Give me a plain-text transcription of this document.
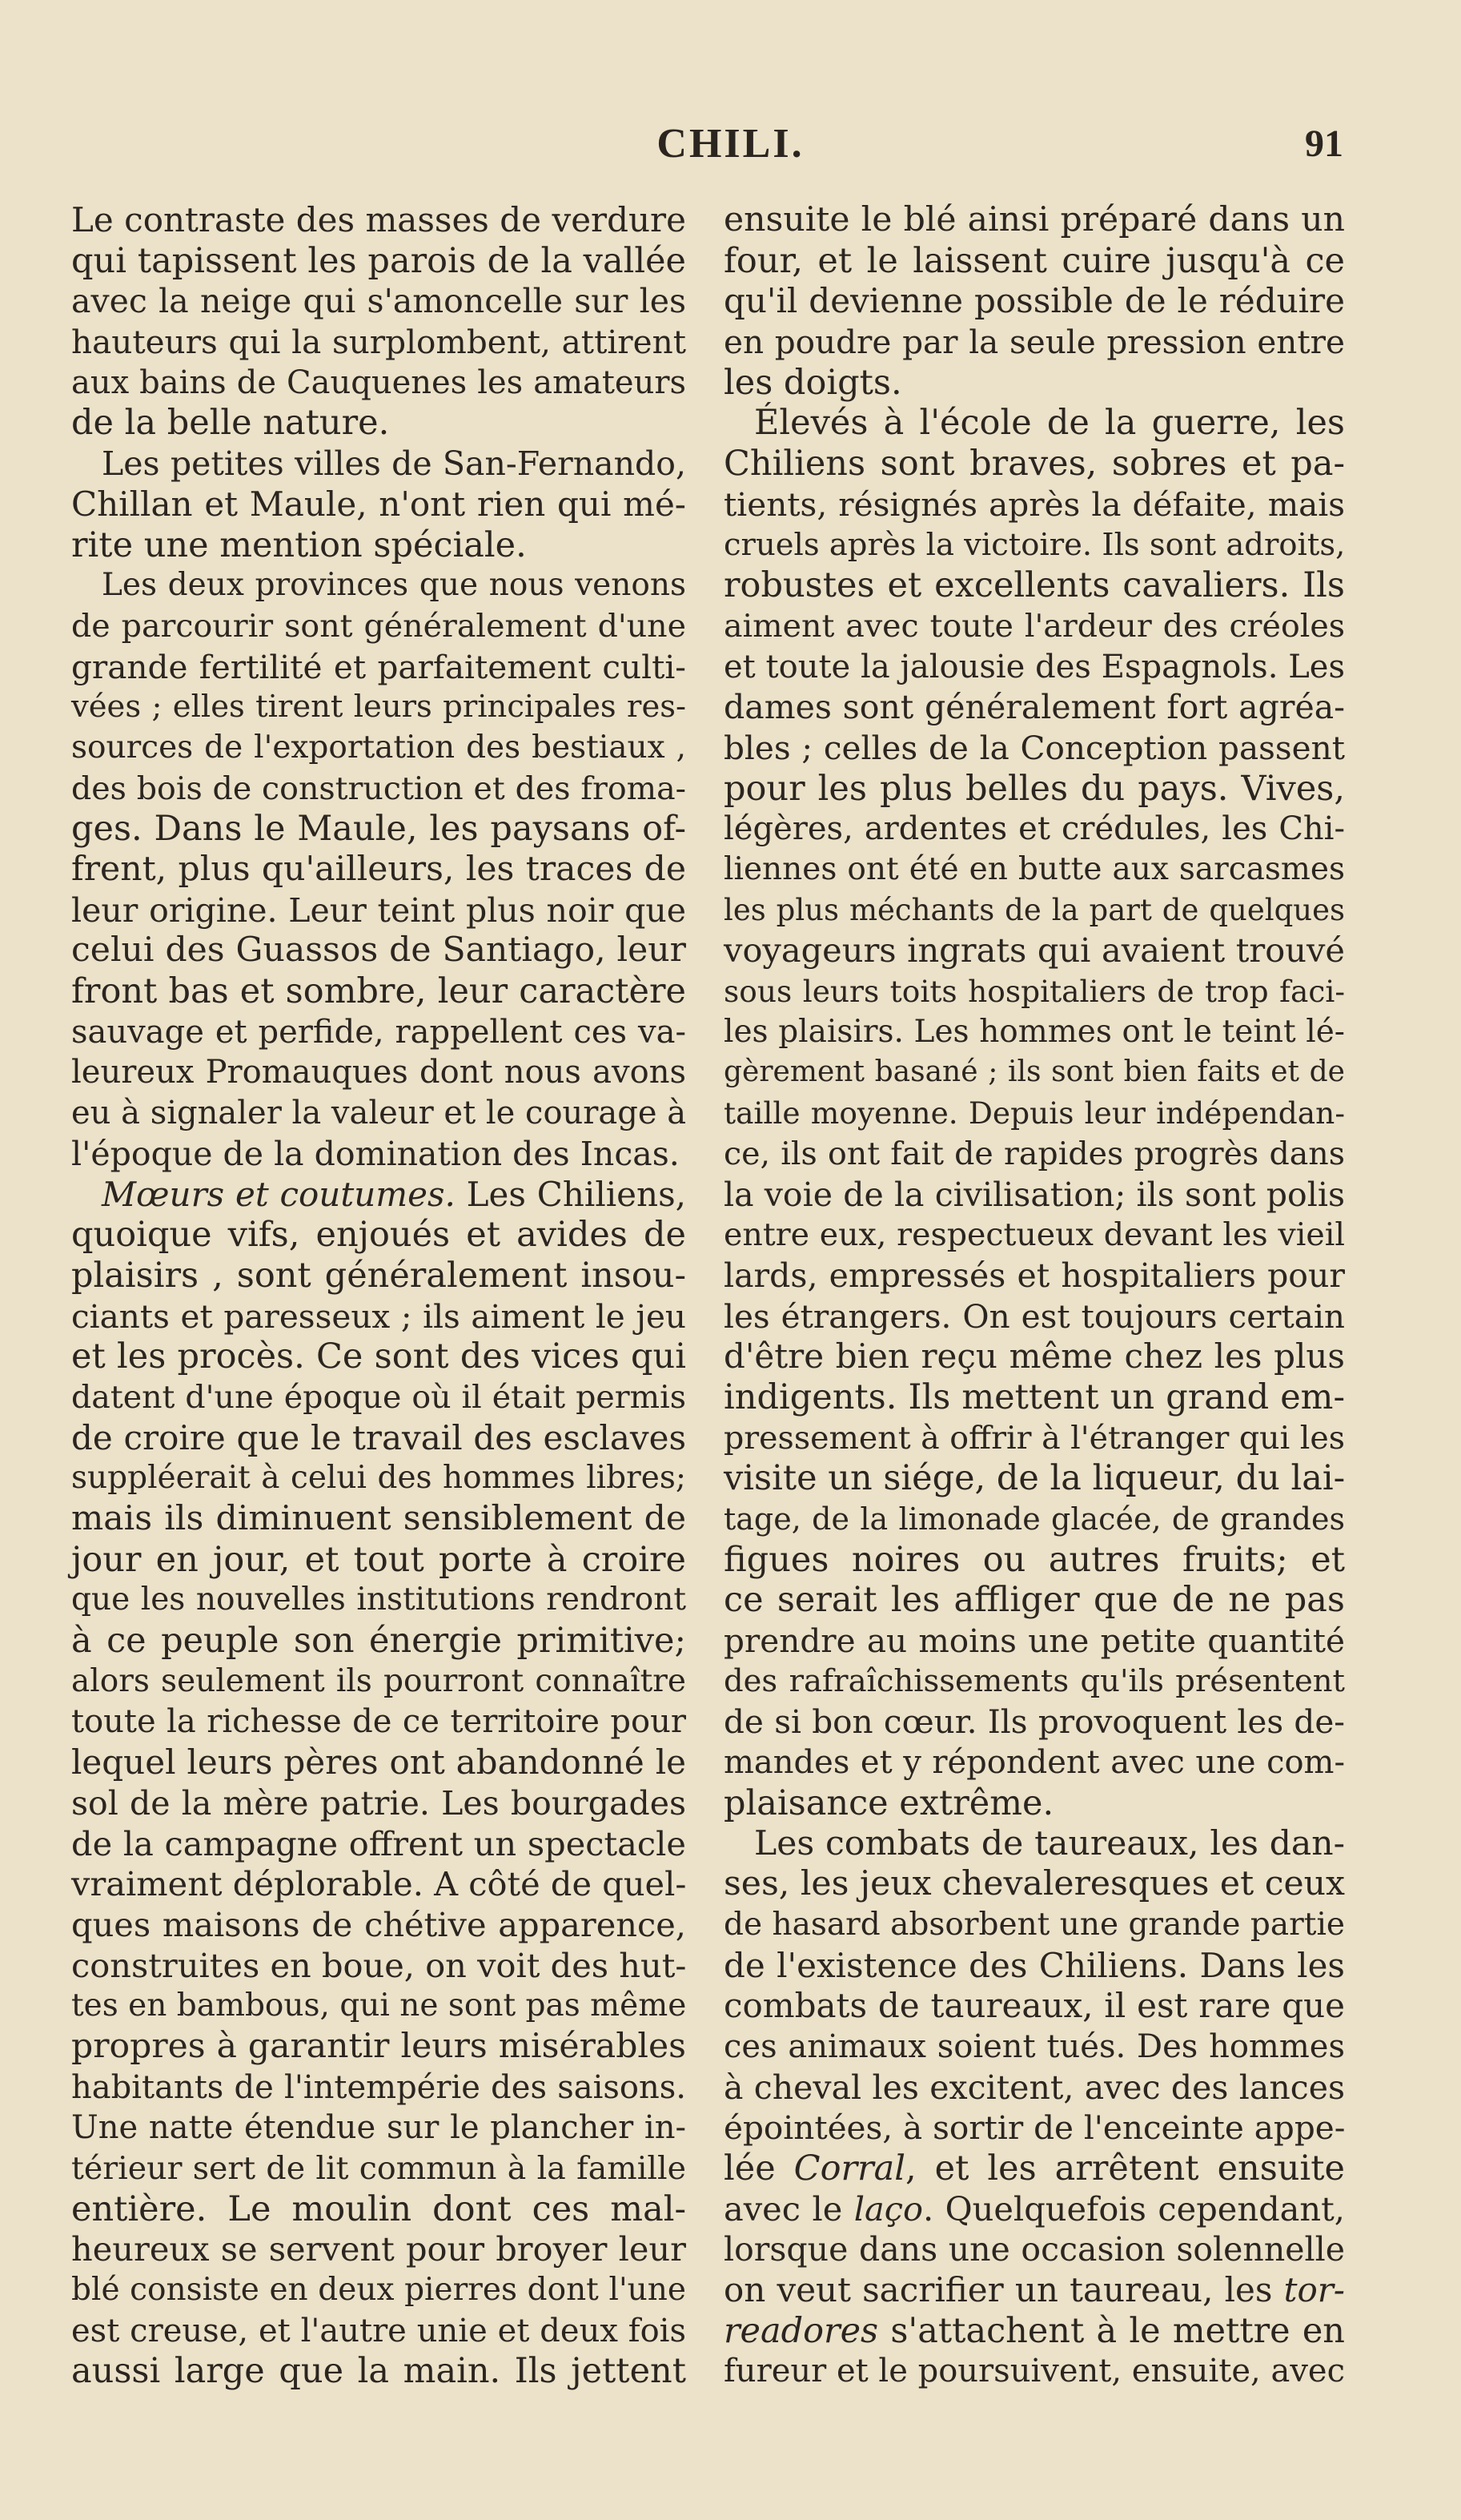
CHILI.	91
Le contraste des masses de verdure
qui tapissent les parois de la vallée
avec la neige qui s'amoncelle sur les
hauteurs qui la surplombent, attirent
aux bains de Cauquenes les amateurs
de la belle nature.
Les petites villes de San-Fernando,
Chillan et Maule, n'ont rien qui mé-
rite une mention spéciale.
Les deux provinces que nous venons
de parcourir sont généralement d'une
grande fertilité et parfaitement culti-
vées ; elles tirent leurs principales res-
sources de l'exportation des bestiaux ,
des bois de construction et des froma-
ges. Dans le Maule, les paysans of-
frent, plus qu'ailleurs, les traces de
leur origine. Leur teint plus noir que
celui des Guassos de Santiago, leur
front bas et sombre, leur caractère
sauvage et perfide, rappellent ces va-
leureux Promauques dont nous avons
eu à signaler la valeur et le courage à
l'époque de la domination des Incas.
Mœurs et coutumes. Les Chiliens,
quoique vifs, enjoués et avides de
plaisirs , sont généralement insou-
ciants et paresseux ; ils aiment le jeu
et les procès. Ce sont des vices qui
datent d'une époque où il était permis
de croire que le travail des esclaves
suppléerait à celui des hommes libres;
mais ils diminuent sensiblement de
jour en jour, et tout porte à croire
que les nouvelles institutions rendront
à ce peuple son énergie primitive;
alors seulement ils pourront connaître
toute la richesse de ce territoire pour
lequel leurs pères ont abandonné le
sol de la mère patrie. Les bourgades
de la campagne offrent un spectacle
vraiment déplorable. A côté de quel-
ques maisons de chétive apparence,
construites en boue, on voit des hut-
tes en bambous, qui ne sont pas même
propres à garantir leurs misérables
habitants de l'intempérie des saisons.
Une natte étendue sur le plancher in-
térieur sert de lit commun à la famille
entière. Le moulin dont ces mal-
heureux se servent pour broyer leur
blé consiste en deux pierres dont l'une
est creuse, et l'autre unie et deux fois
aussi large que la main. Ils jettent
ensuite le blé ainsi préparé dans un
four, et le laissent cuire jusqu'à ce
qu'il devienne possible de le réduire
en poudre par la seule pression entre
les doigts.
Élevés à l'école de la guerre, les
Chiliens sont braves, sobres et pa-
tients, résignés après la défaite, mais
cruels après la victoire. Ils sont adroits,
robustes et excellents cavaliers. Ils
aiment avec toute l'ardeur des créoles
et toute la jalousie des Espagnols. Les
dames sont généralement fort agréa-
bles ; celles de la Conception passent
pour les plus belles du pays. Vives,
légères, ardentes et crédules, les Chi-
liennes ont été en butte aux sarcasmes
les plus méchants de la part de quelques
voyageurs ingrats qui avaient trouvé
sous leurs toits hospitaliers de trop faci-
les plaisirs. Les hommes ont le teint lé-
gèrement basané ; ils sont bien faits et de
taille moyenne. Depuis leur indépendan-
ce, ils ont fait de rapides progrès dans
la voie de la civilisation; ils sont polis
entre eux, respectueux devant les vieil
lards, empressés et hospitaliers pour
les étrangers. On est toujours certain
d'être bien reçu même chez les plus
indigents. Ils mettent un grand em-
pressement à offrir à l'étranger qui les
visite un siége, de la liqueur, du lai-
tage, de la limonade glacée, de grandes
figues noires ou autres fruits; et
ce serait les affliger que de ne pas
prendre au moins une petite quantité
des rafraîchissements qu'ils présentent
de si bon cœur. Ils provoquent les de-
mandes et y répondent avec une com-
plaisance extrême.
Les combats de taureaux, les dan-
ses, les jeux chevaleresques et ceux
de hasard absorbent une grande partie
de l'existence des Chiliens. Dans les
combats de taureaux, il est rare que
ces animaux soient tués. Des hommes
à cheval les excitent, avec des lances
épointées, à sortir de l'enceinte appe-
lée Corral, et les arrêtent ensuite
avec le laço. Quelquefois cependant,
lorsque dans une occasion solennelle
on veut sacrifier un taureau, les tor-
readores s'attachent à le mettre en
fureur et le poursuivent, ensuite, avec
